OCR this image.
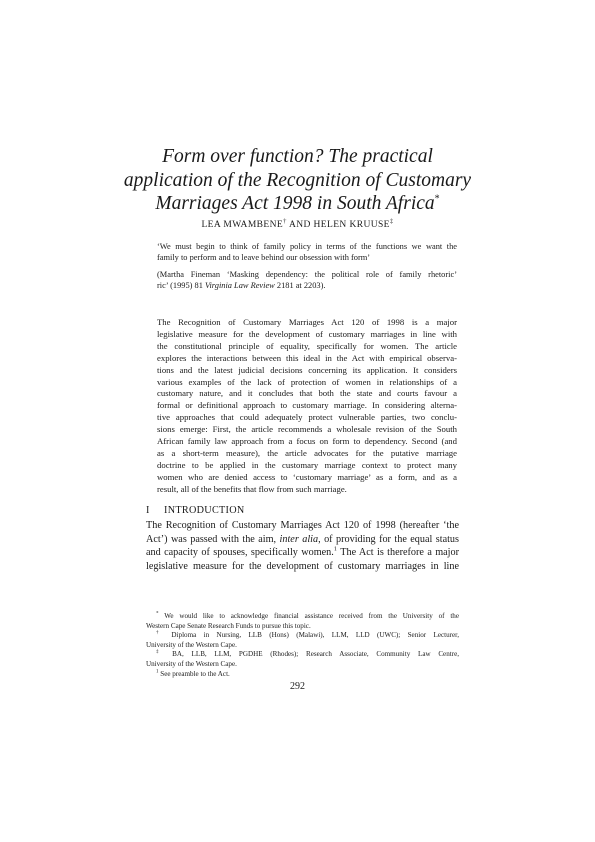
Form over function? The practical
application of the Recognition of Customary
Marriages Act 1998 in South Africa*
LEA MWAMBENE† AND HELEN KRUUSE‡
‘We must begin to think of family policy in terms of the functions we want the
family to perform and to leave behind our obsession with form’
(Martha Fineman ‘Masking dependency: the political role of family rhetoric’
ric’ (1995) 81 Virginia Law Review 2181 at 2203).
The Recognition of Customary Marriages Act 120 of 1998 is a major
legislative measure for the development of customary marriages in line with
the constitutional principle of equality, specifically for women. The article
explores the interactions between this ideal in the Act with empirical observa-
tions and the latest judicial decisions concerning its application. It considers
various examples of the lack of protection of women in relationships of a
customary nature, and it concludes that both the state and courts favour a
formal or definitional approach to customary marriage. In considering alterna-
tive approaches that could adequately protect vulnerable parties, two conclu-
sions emerge: First, the article recommends a wholesale revision of the South
African family law approach from a focus on form to dependency. Second (and
as a short-term measure), the article advocates for the putative marriage
doctrine to be applied in the customary marriage context to protect many
women who are denied access to ‘customary marriage’ as a form, and as a
result, all of the benefits that flow from such marriage.
I INTRODUCTION
The Recognition of Customary Marriages Act 120 of 1998 (hereafter ‘the
Act’) was passed with the aim, inter alia, of providing for the equal status
and capacity of spouses, specifically women.$^1$ The Act is therefore a major
legislative measure for the development of customary marriages in line
* We would like to acknowledge financial assistance received from the University of the
Western Cape Senate Research Funds to pursue this topic.
† Diploma in Nursing, LLB (Hons) (Malawi), LLM, LLD (UWC); Senior Lecturer,
University of the Western Cape.
‡ BA, LLB, LLM, PGDHE (Rhodes); Research Associate, Community Law Centre,
University of the Western Cape.
$^1$ See preamble to the Act.
292
